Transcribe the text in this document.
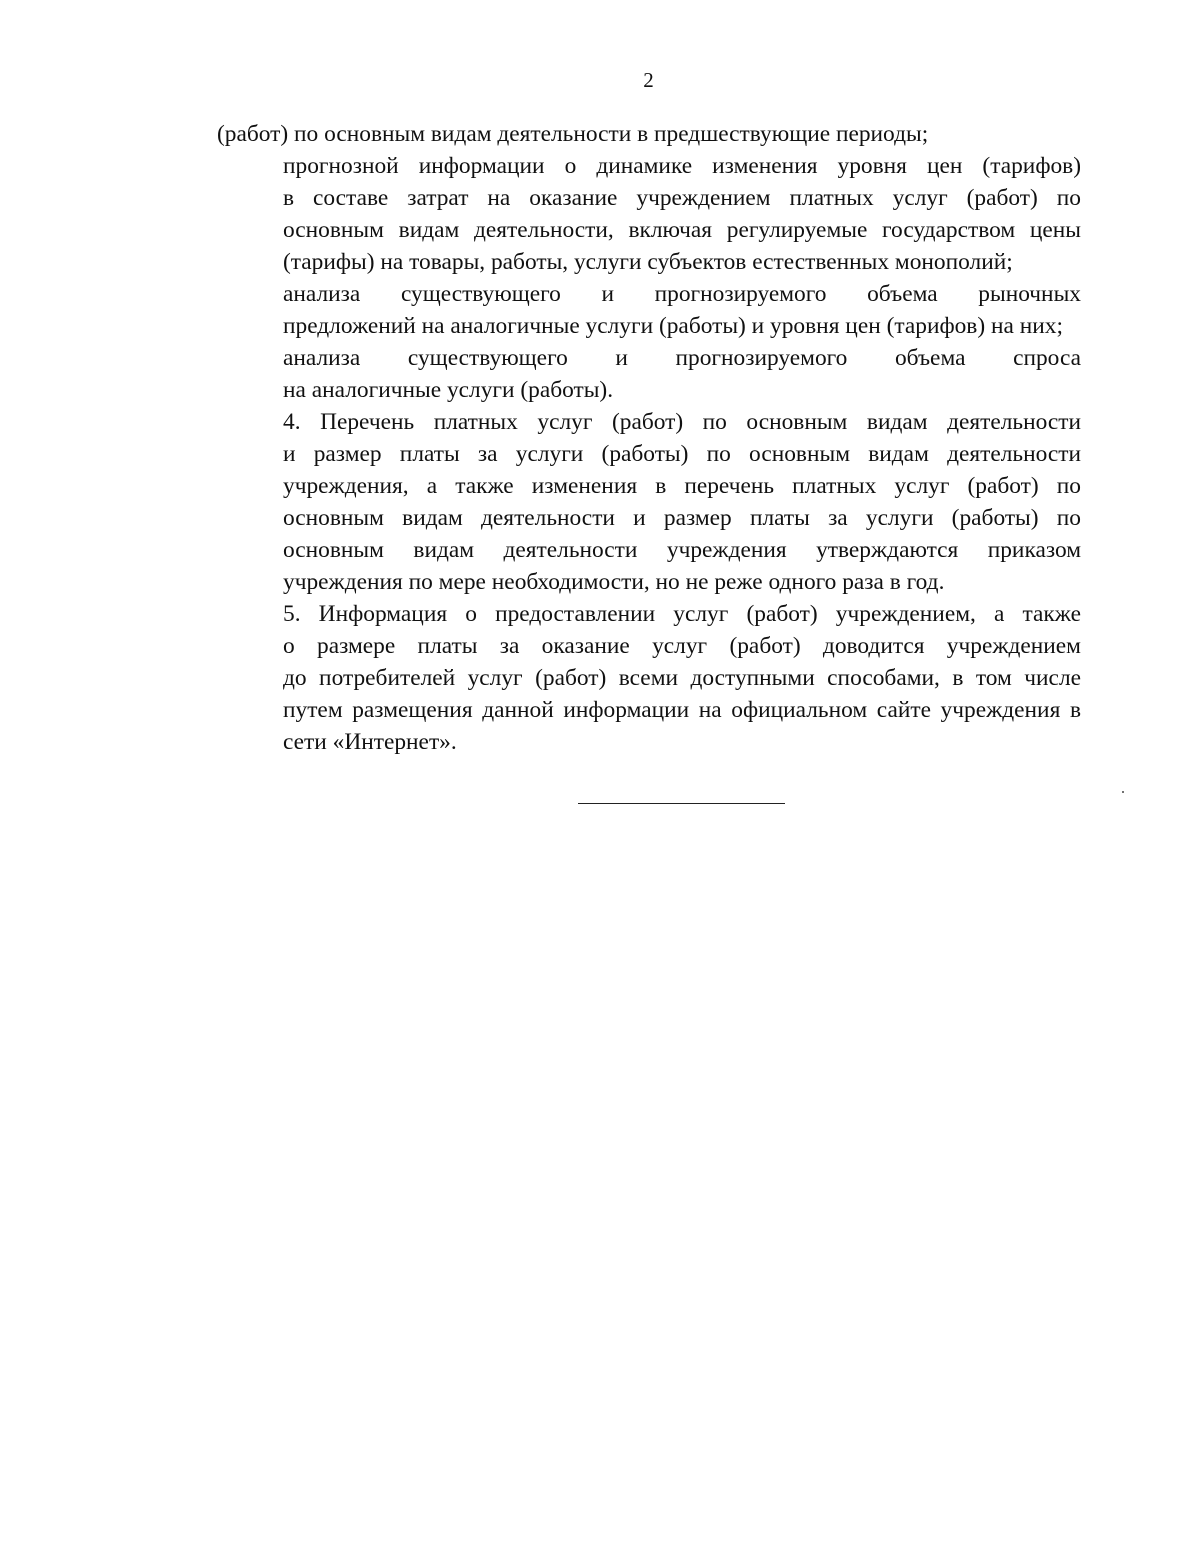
2

(работ) по основным видам деятельности в предшествующие периоды;

прогнозной информации о динамике изменения уровня цен (тарифов)
в составе затрат на оказание учреждением платных услуг (работ) по
основным видам деятельности, включая регулируемые государством цены
(тарифы) на товары, работы, услуги субъектов естественных монополий;

анализа существующего и прогнозируемого объема рыночных
предложений на аналогичные услуги (работы) и уровня цен (тарифов) на них;

анализа существующего и прогнозируемого объема спроса
на аналогичные услуги (работы).

4. Перечень платных услуг (работ) по основным видам деятельности
и размер платы за услуги (работы) по основным видам деятельности
учреждения, а также изменения в перечень платных услуг (работ) по
основным видам деятельности и размер платы за услуги (работы) по
основным видам деятельности учреждения утверждаются приказом
учреждения по мере необходимости, но не реже одного раза в год.

5. Информация о предоставлении услуг (работ) учреждением, а также
о размере платы за оказание услуг (работ) доводится учреждением
до потребителей услуг (работ) всеми доступными способами, в том числе
путем размещения данной информации на официальном сайте учреждения в
сети «Интернет».
